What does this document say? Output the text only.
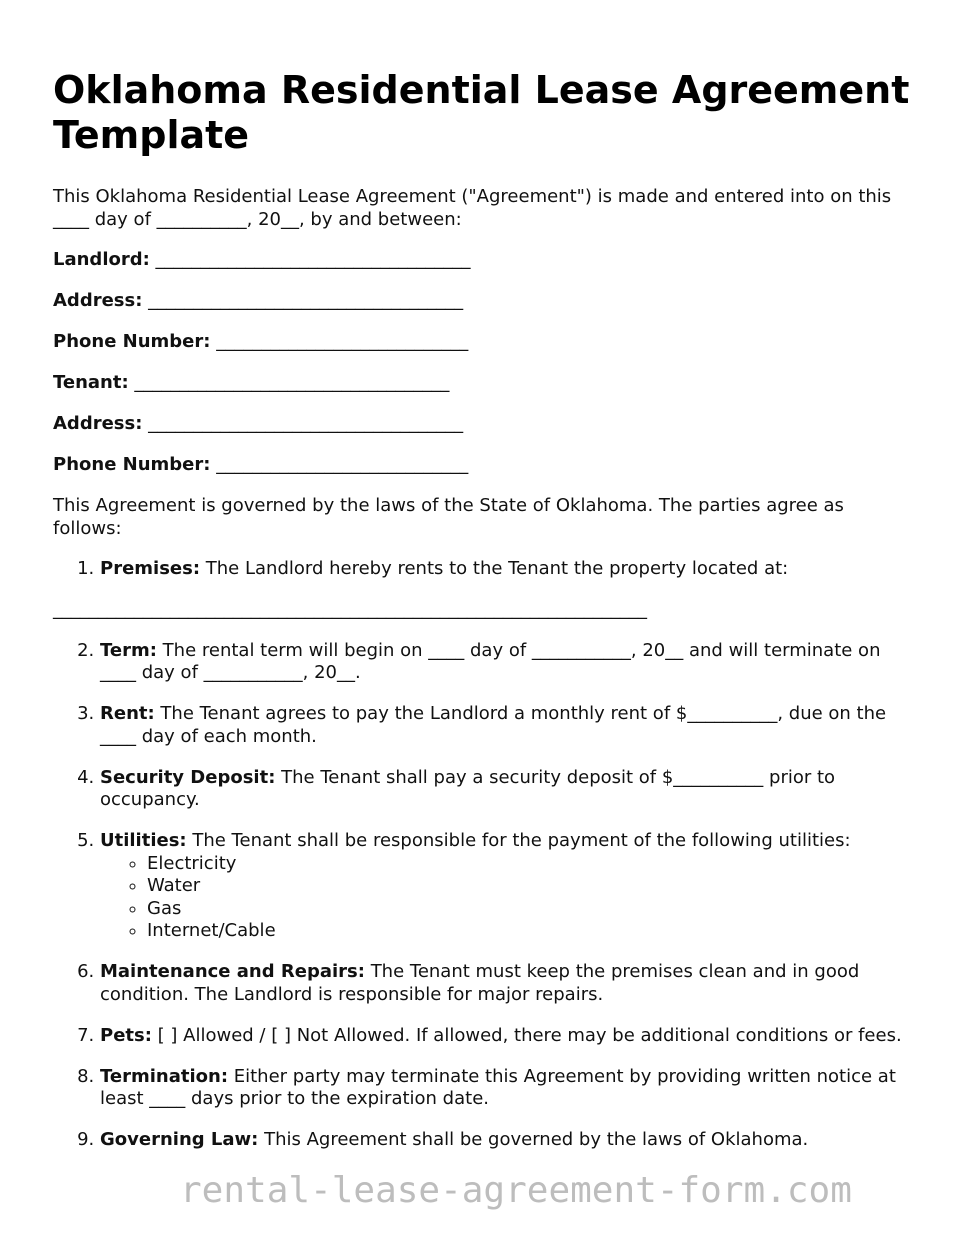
Oklahoma Residential Lease Agreement Template

This Oklahoma Residential Lease Agreement ("Agreement") is made and entered into on this ____ day of __________, 20__, by and between:

Landlord: ___________________________________

Address: ___________________________________

Phone Number: ____________________________

Tenant: ___________________________________

Address: ___________________________________

Phone Number: ____________________________

This Agreement is governed by the laws of the State of Oklahoma. The parties agree as follows:

1. Premises: The Landlord hereby rents to the Tenant the property located at:

__________________________________________________________________

2. Term: The rental term will begin on ____ day of ___________, 20__ and will terminate on ____ day of ___________, 20__.
3. Rent: The Tenant agrees to pay the Landlord a monthly rent of $__________, due on the ____ day of each month.
4. Security Deposit: The Tenant shall pay a security deposit of $__________ prior to occupancy.
5. Utilities: The Tenant shall be responsible for the payment of the following utilities:
◦ Electricity
◦ Water
◦ Gas
◦ Internet/Cable
6. Maintenance and Repairs: The Tenant must keep the premises clean and in good condition. The Landlord is responsible for major repairs.
7. Pets: [ ] Allowed / [ ] Not Allowed. If allowed, there may be additional conditions or fees.
8. Termination: Either party may terminate this Agreement by providing written notice at least ____ days prior to the expiration date.
9. Governing Law: This Agreement shall be governed by the laws of Oklahoma.
rental-lease-agreement-form.com
